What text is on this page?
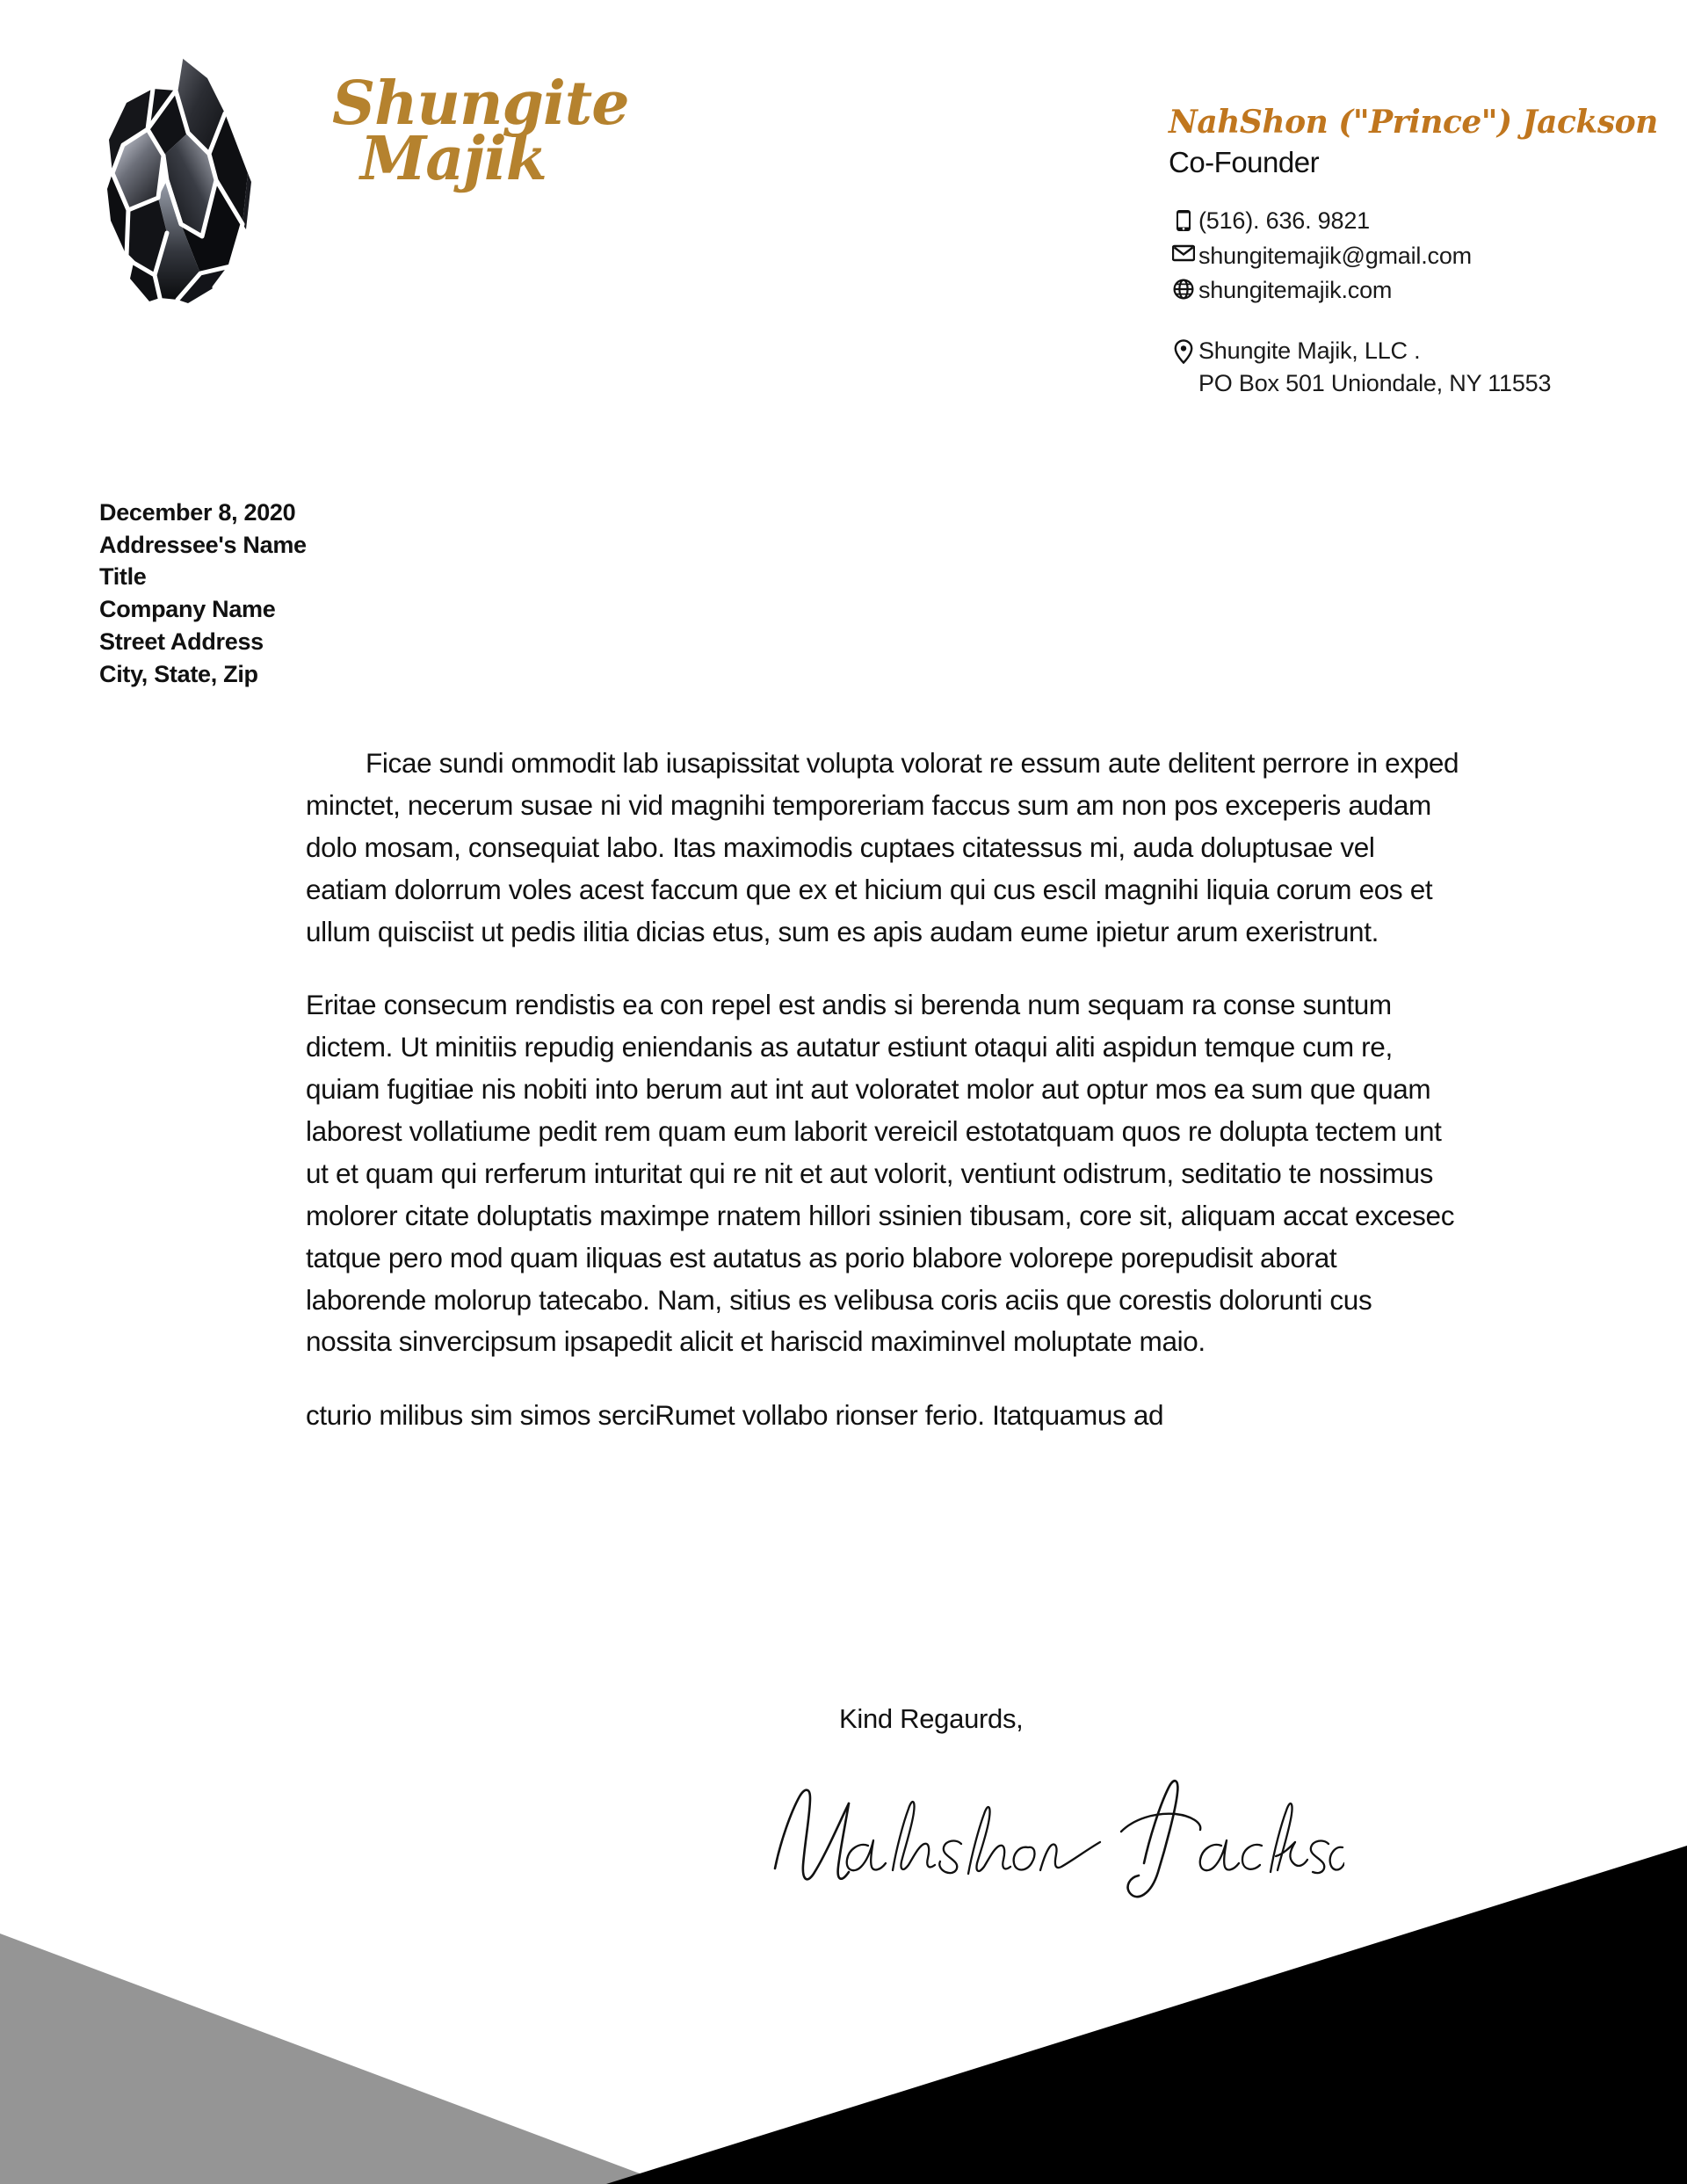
Shungite
Majik
NahShon ("Prince") Jackson
Co-Founder
(516). 636. 9821
shungitemajik@gmail.com
shungitemajik.com
Shungite Majik, LLC .
PO Box 501 Uniondale, NY 11553
December 8, 2020
Addressee's Name
Title
Company Name
Street Address
City, State, Zip

Ficae sundi ommodit lab iusapissitat volupta volorat re essum aute delitent perrore in exped minctet, necerum susae ni vid magnihi temporeriam faccus sum am non pos exceperis audam dolo mosam, consequiat labo. Itas maximodis cuptaes citatessus mi, auda doluptusae vel eatiam dolorrum voles acest faccum que ex et hicium qui cus escil magnihi liquia corum eos et ullum quisciist ut pedis ilitia dicias etus, sum es apis audam eume ipietur arum exeristrunt.

Eritae consecum rendistis ea con repel est andis si berenda num sequam ra conse suntum dictem. Ut minitiis repudig eniendanis as autatur estiunt otaqui aliti aspidun temque cum re, quiam fugitiae nis nobiti into berum aut int aut voloratet molor aut optur mos ea sum que quam laborest vollatiume pedit rem quam eum laborit vereicil estotatquam quos re dolupta tectem unt ut et quam qui rerferum inturitat qui re nit et aut volorit, ventiunt odistrum, seditatio te nossimus molorer citate doluptatis maximpe rnatem hillori ssinien tibusam, core sit, aliquam accat excesec tatque pero mod quam iliquas est autatus as porio blabore volorepe porepudisit aborat laborende molorup tatecabo. Nam, sitius es velibusa coris aciis que corestis dolorunti cus nossita sinvercipsum ipsapedit alicit et hariscid maximinvel moluptate maio.

cturio milibus sim simos serciRumet vollabo rionser ferio. Itatquamus ad

Kind Regaurds,
